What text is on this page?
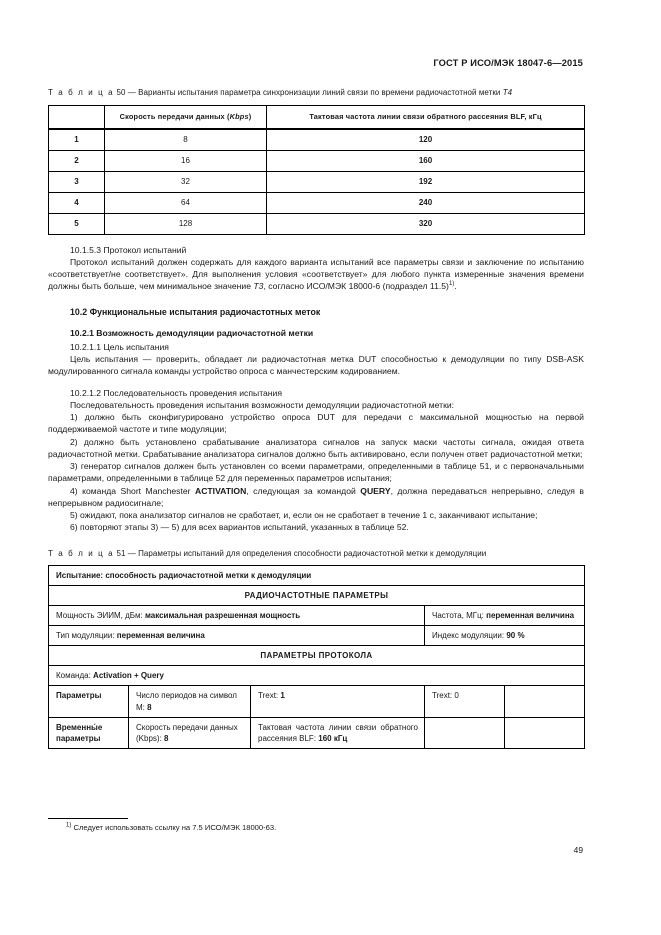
ГОСТ Р ИСО/МЭК 18047-6—2015
Т а б л и ц а 50 — Варианты испытания параметра синхронизации линий связи по времени радиочастотной метки T4
	Скорость передачи данных (Kbps)	Тактовая частота линии связи обратного рассеяния BLF, кГц
1	8	120
2	16	160
3	32	192
4	64	240
5	128	320
10.1.5.3 Протокол испытаний

Протокол испытаний должен содержать для каждого варианта испытаний все параметры связи и заключение по испытанию «соответствует/не соответствует». Для выполнения условия «соответствует» для любого пункта измеренные значения времени должны быть больше, чем минимальное значение T3, согласно ИСО/МЭК 18000-6 (подраздел 11.5)$^{1)}$.

10.2 Функциональные испытания радиочастотных меток
10.2.1 Возможность демодуляции радиочастотной метки
10.2.1.1 Цель испытания

Цель испытания — проверить, обладает ли радиочастотная метка DUT способностью к демодуляции по типу DSB-ASK модулированного сигнала команды устройство опроса с манчестерским кодированием.

10.2.1.2 Последовательность проведения испытания

Последовательность проведения испытания возможности демодуляции радиочастотной метки:

1) должно быть сконфигурировано устройство опроса DUT для передачи с максимальной мощностью на первой поддерживаемой частоте и типе модуляции;

2) должно быть установлено срабатывание анализатора сигналов на запуск маски частоты сигнала, ожидая ответа радиочастотной метки. Срабатывание анализатора сигналов должно быть активировано, если получен ответ радиочастотной метки;

3) генератор сигналов должен быть установлен со всеми параметрами, определенными в таблице 51, и с первоначальными параметрами, определенными в таблице 52 для переменных параметров испытания;

4) команда Short Manchester ACTIVATION, следующая за командой QUERY, должна передаваться непрерывно, следуя в непрерывном радиосигнале;

5) ожидают, пока анализатор сигналов не сработает, и, если он не сработает в течение 1 с, заканчивают испытание;

6) повторяют этапы 3) — 5) для всех вариантов испытаний, указанных в таблице 52.

Т а б л и ц а 51 — Параметры испытаний для определения способности радиочастотной метки к демодуляции
Испытание: способность радиочастотной метки к демодуляции				
РАДИОЧАСТОТНЫЕ ПАРАМЕТРЫ				
Мощность ЭИИМ, дБм: максимальная разрешенная мощность			Частота, МГц: переменная величина	
Тип модуляции: переменная величина			Индекс модуляции: 90 %	
ПАРАМЕТРЫ ПРОТОКОЛА				
Команда: Activation + Query				
Параметры	Число периодов на символ M: 8	Trext: 1	Trext: 0	
Временны́е параметры	Скорость передачи данных (Kbps): 8	Тактовая частота линии связи обратного рассеяния BLF: 160 кГц		

$^{1)}$ Следует использовать ссылку на 7.5 ИСО/МЭК 18000-63.

49
